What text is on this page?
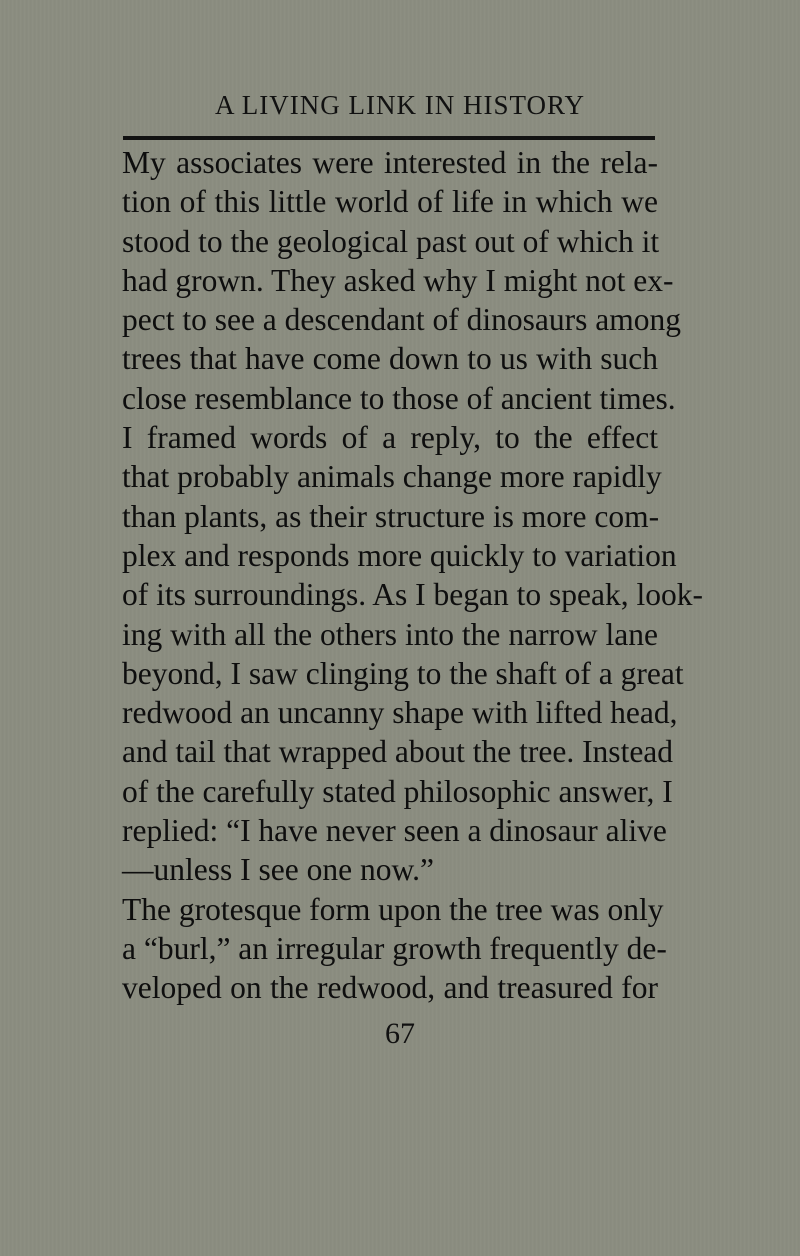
A LIVING LINK IN HISTORY
My associates were interested in the rela-
tion of this little world of life in which we
stood to the geological past out of which it
had grown. They asked why I might not ex-
pect to see a descendant of dinosaurs among
trees that have come down to us with such
close resemblance to those of ancient times.
I framed words of a reply, to the effect
that probably animals change more rapidly
than plants, as their structure is more com-
plex and responds more quickly to variation
of its surroundings. As I began to speak, look-
ing with all the others into the narrow lane
beyond, I saw clinging to the shaft of a great
redwood an uncanny shape with lifted head,
and tail that wrapped about the tree. Instead
of the carefully stated philosophic answer, I
replied: “I have never seen a dinosaur alive
—unless I see one now.”
The grotesque form upon the tree was only
a “burl,” an irregular growth frequently de-
veloped on the redwood, and treasured for
67
